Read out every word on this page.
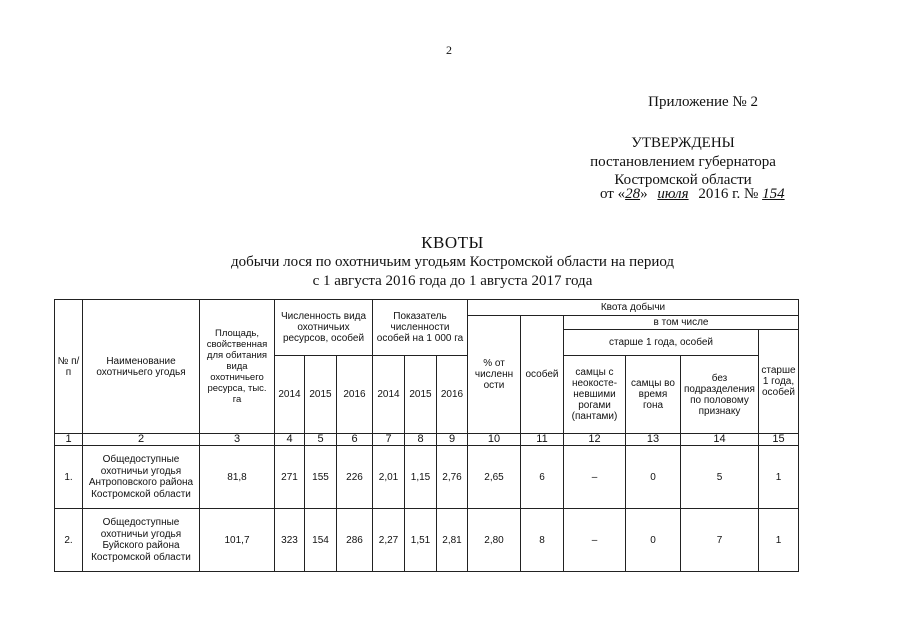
2
Приложение № 2
УТВЕРЖДЕНЫ
постановлением губернатора
Костромской области
от «28» июля 2016 г. № 154
КВОТЫ
добычи лося по охотничьим угодьям Костромской области на период
с 1 августа 2016 года до 1 августа 2017 года
№ п/п	Наименование охотничьего угодья	Площадь, свойственная для обитания вида охотничьего ресурса, тыс. га	Численность вида охотничьих ресурсов, особей			Показатель численности особей на 1 000 га			Квота добычи					
									% от численн ости	особей	в том числе			
											старше 1 года, особей			старше 1 года, особей
			2014	2015	2016	2014	2015	2016			самцы с неокосте-невшими рогами (пантами)	самцы во время гона	без подразделения по половому признаку	
1	2	3	4	5	6	7	8	9	10	11	12	13	14	15
1.	Общедоступные охотничьи угодья Антроповского района Костромской области	81,8	271	155	226	2,01	1,15	2,76	2,65	6	–	0	5	1
2.	Общедоступные охотничьи угодья Буйского района Костромской области	101,7	323	154	286	2,27	1,51	2,81	2,80	8	–	0	7	1
